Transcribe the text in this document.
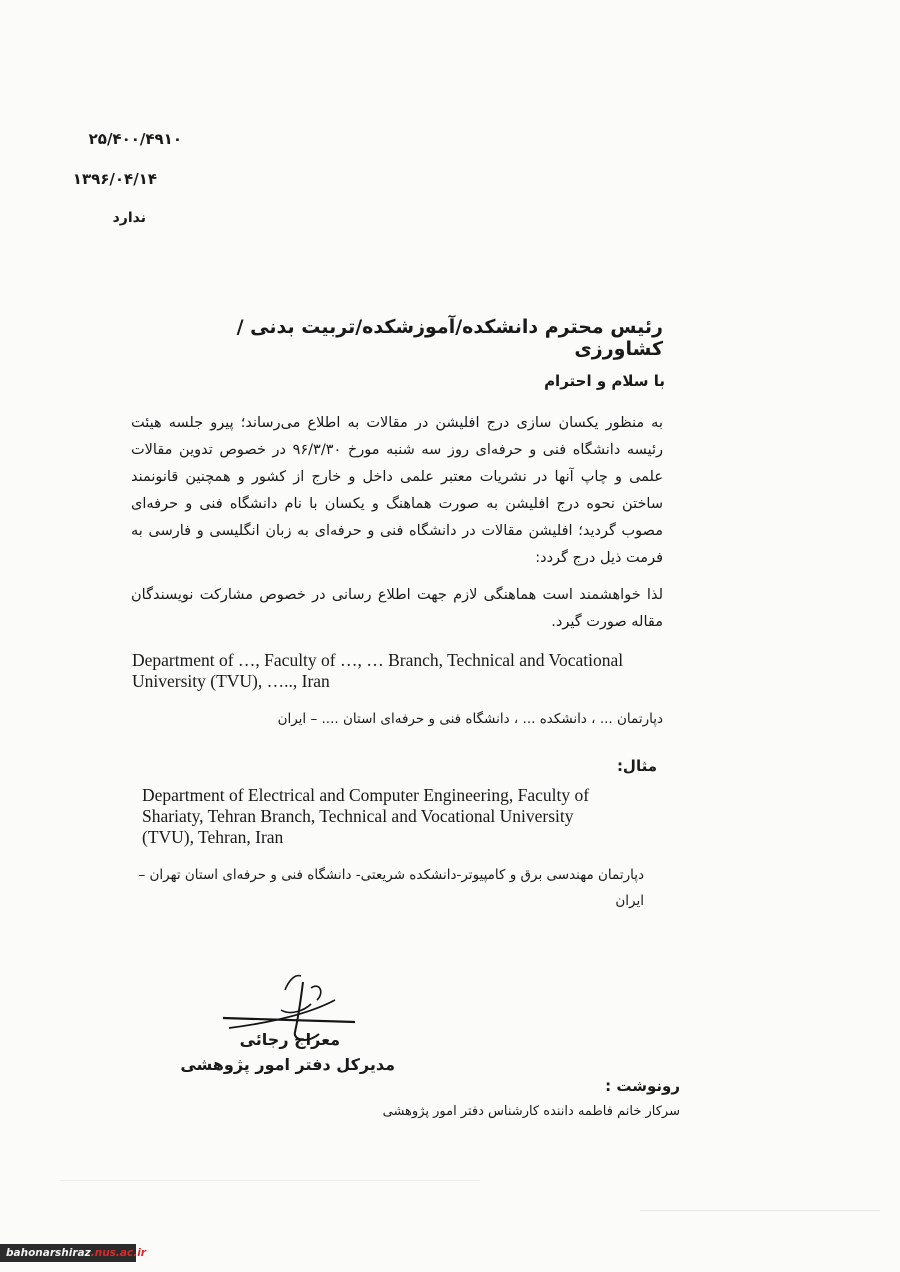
۲۵/۴۰۰/۴۹۱۰
۱۳۹۶/۰۴/۱۴
ندارد
رئیس محترم دانشکده/آموزشکده/تربیت بدنی /کشاورزی
با سلام و احترام
به منظور یکسان سازی درج افلیشن در مقالات به اطلاع می‌رساند؛ پیرو جلسه هیئت رئیسه دانشگاه فنی و حرفه‌ای روز سه شنبه مورخ ۹۶/۳/۳۰ در خصوص تدوین مقالات علمی و چاپ آنها در نشریات معتبر علمی داخل و خارج از کشور و همچنین قانونمند ساختن نحوه درج افلیشن به صورت هماهنگ و یکسان با نام دانشگاه فنی و حرفه‌ای مصوب گردید؛ افلیشن مقالات در دانشگاه فنی و حرفه‌ای به زبان انگلیسی و فارسی به فرمت ذیل درج گردد:
لذا خواهشمند است هماهنگی لازم جهت اطلاع رسانی در خصوص مشارکت نویسندگان مقاله صورت گیرد.
Department of …, Faculty of …, … Branch, Technical and Vocational University (TVU), ….., Iran
دپارتمان ... ، دانشکده ... ، دانشگاه فنی و حرفه‌ای استان .... – ایران
مثال:
Department of Electrical and Computer Engineering, Faculty of Shariaty, Tehran Branch, Technical and Vocational University (TVU), Tehran, Iran
دپارتمان مهندسی برق و کامپیوتر-دانشکده شریعتی- دانشگاه فنی و حرفه‌ای استان تهران – ایران
معراج رجائی
مدیرکل دفتر امور پژوهشی
رونوشت :
سرکار خانم فاطمه داننده کارشناس دفتر امور پژوهشی
bahonarshiraz.nus.ac.ir
